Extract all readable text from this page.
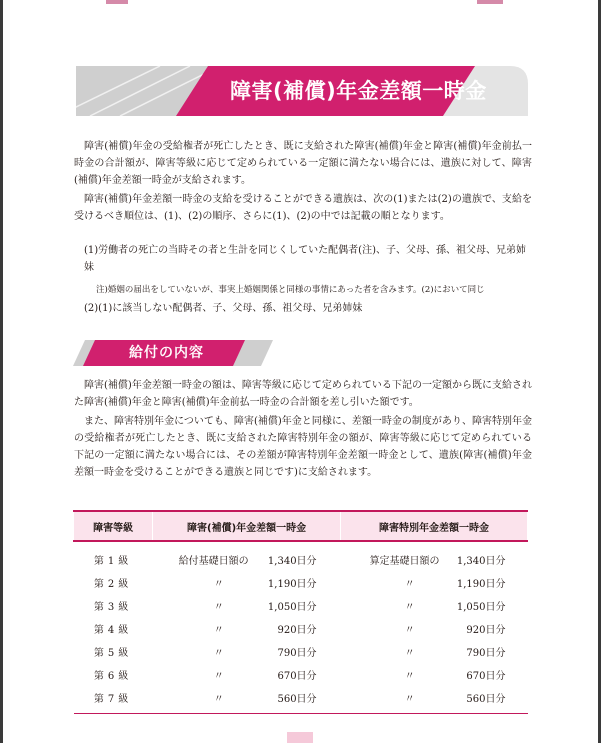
障害(補償)年金差額一時金

障害(補償)年金の受給権者が死亡したとき、既に支給された障害(補償)年金と障害(補償)年金前払一時金の合計額が、障害等級に応じて定められている一定額に満たない場合には、遺族に対して、障害(補償)年金差額一時金が支給されます。

障害(補償)年金差額一時金の支給を受けることができる遺族は、次の(1)または(2)の遺族で、支給を受けるべき順位は、(1)、(2)の順序、さらに(1)、(2)の中では記載の順となります。

(1)労働者の死亡の当時その者と生計を同じくしていた配偶者(注)、子、父母、孫、祖父母、兄弟姉妹

注)婚姻の届出をしていないが、事実上婚姻関係と同様の事情にあった者を含みます。(2)において同じ

(2)(1)に該当しない配偶者、子、父母、孫、祖父母、兄弟姉妹

給付の内容

障害(補償)年金差額一時金の額は、障害等級に応じて定められている下記の一定額から既に支給された障害(補償)年金と障害(補償)年金前払一時金の合計額を差し引いた額です。

また、障害特別年金についても、障害(補償)年金と同様に、差額一時金の制度があり、障害特別年金の受給権者が死亡したとき、既に支給された障害特別年金の額が、障害等級に応じて定められている下記の一定額に満たない場合には、その差額が障害特別年金差額一時金として、遺族(障害(補償)年金差額一時金を受けることができる遺族と同じです)に支給されます。

障害等級	障害(補償)年金差額一時金	障害特別年金差額一時金
第1級	給付基礎日額の 1,340日分	算定基礎日額の 1,340日分

第2級	〃 1,190日分	〃 1,190日分

第3級	〃 1,050日分	〃 1,050日分

第4級	〃 920日分	〃 920日分

第5級	〃 790日分	〃 790日分

第6級	〃 670日分	〃 670日分

第7級	〃 560日分	〃 560日分
